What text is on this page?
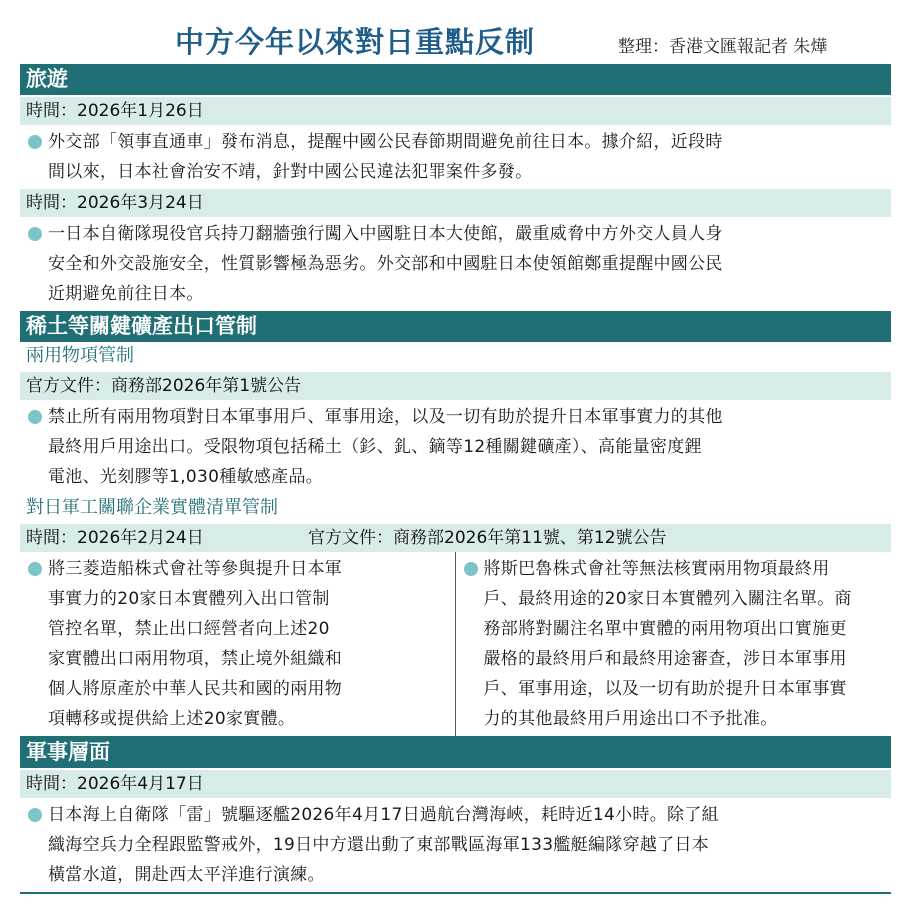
中方今年以來對日重點反制	整理：香港文匯報記者 朱燁
旅遊
時間：2026年1月26日
外交部「領事直通車」發布消息，提醒中國公民春節期間避免前往日本。據介紹，近段時
間以來，日本社會治安不靖，針對中國公民違法犯罪案件多發。
時間：2026年3月24日
一日本自衛隊現役官兵持刀翻牆強行闖入中國駐日本大使館，嚴重威脅中方外交人員人身
安全和外交設施安全，性質影響極為惡劣。外交部和中國駐日本使領館鄭重提醒中國公民
近期避免前往日本。
稀土等關鍵礦產出口管制
兩用物項管制
官方文件：商務部2026年第1號公告
禁止所有兩用物項對日本軍事用戶、軍事用途，以及一切有助於提升日本軍事實力的其他
最終用戶用途出口。受限物項包括稀土（釤、釓、鏑等12種關鍵礦產）、高能量密度鋰
電池、光刻膠等1,030種敏感產品。
對日軍工關聯企業實體清單管制
時間：2026年2月24日	官方文件：商務部2026年第11號、第12號公告
將三菱造船株式會社等參與提升日本軍
事實力的20家日本實體列入出口管制
管控名單，禁止出口經營者向上述20
家實體出口兩用物項，禁止境外組織和
個人將原產於中華人民共和國的兩用物
項轉移或提供給上述20家實體。
將斯巴魯株式會社等無法核實兩用物項最終用
戶、最終用途的20家日本實體列入關注名單。商
務部將對關注名單中實體的兩用物項出口實施更
嚴格的最終用戶和最終用途審查，涉日本軍事用
戶、軍事用途，以及一切有助於提升日本軍事實
力的其他最終用戶用途出口不予批准。
軍事層面
時間：2026年4月17日
日本海上自衛隊「雷」號驅逐艦2026年4月17日過航台灣海峽，耗時近14小時。除了組
織海空兵力全程跟監警戒外，19日中方還出動了東部戰區海軍133艦艇編隊穿越了日本
橫當水道，開赴西太平洋進行演練。
